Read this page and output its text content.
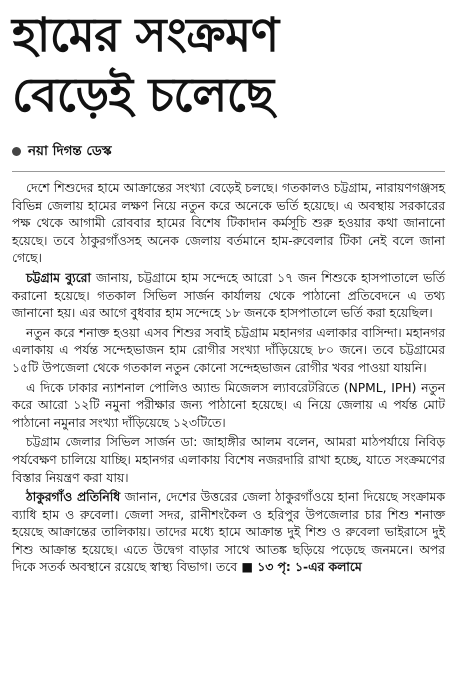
হামের সংক্রমণ
বেড়েই চলেছে
নয়া দিগন্ত ডেস্ক

দেশে শিশুদের হামে আক্রান্তের সংখ্যা বেড়েই চলছে। গতকালও চট্টগ্রাম, নারায়ণগঞ্জসহ বিভিন্ন জেলায় হামের লক্ষণ নিয়ে নতুন করে অনেকে ভর্তি হয়েছে। এ অবস্থায় সরকারের পক্ষ থেকে আগামী রোববার হামের বিশেষ টিকাদান কর্মসূচি শুরু হওয়ার কথা জানানো হয়েছে। তবে ঠাকুরগাঁওসহ অনেক জেলায় বর্তমানে হাম-রুবেলার টিকা নেই বলে জানা গেছে।

চট্টগ্রাম ব্যুরো জানায়, চট্টগ্রামে হাম সন্দেহে আরো ১৭ জন শিশুকে হাসপাতালে ভর্তি করানো হয়েছে। গতকাল সিভিল সার্জন কার্যালয় থেকে পাঠানো প্রতিবেদনে এ তথ্য জানানো হয়। এর আগে বুধবার হাম সন্দেহে ১৮ জনকে হাসপাতালে ভর্তি করা হয়েছিল।

নতুন করে শনাক্ত হওয়া এসব শিশুর সবাই চট্টগ্রাম মহানগর এলাকার বাসিন্দা। মহানগর এলাকায় এ পর্যন্ত সন্দেহভাজন হাম রোগীর সংখ্যা দাঁড়িয়েছে ৮০ জনে। তবে চট্টগ্রামের ১৫টি উপজেলা থেকে গতকাল নতুন কোনো সন্দেহভাজন রোগীর খবর পাওয়া যায়নি।

এ দিকে ঢাকার ন্যাশনাল পোলিও অ্যান্ড মিজেলস ল্যাবরেটরিতে (NPML, IPH) নতুন করে আরো ১২টি নমুনা পরীক্ষার জন্য পাঠানো হয়েছে। এ নিয়ে জেলায় এ পর্যন্ত মোট পাঠানো নমুনার সংখ্যা দাঁড়িয়েছে ১২৩টিতে।

চট্টগ্রাম জেলার সিভিল সার্জন ডা: জাহাঙ্গীর আলম বলেন, আমরা মাঠপর্যায়ে নিবিড় পর্যবেক্ষণ চালিয়ে যাচ্ছি। মহানগর এলাকায় বিশেষ নজরদারি রাখা হচ্ছে, যাতে সংক্রমণের বিস্তার নিয়ন্ত্রণ করা যায়।

ঠাকুরগাঁও প্রতিনিধি জানান, দেশের উত্তরের জেলা ঠাকুরগাঁওয়ে হানা দিয়েছে সংক্রামক ব্যাধি হাম ও রুবেলা। জেলা সদর, রানীশংকৈল ও হরিপুর উপজেলার চার শিশু শনাক্ত হয়েছে আক্রান্তের তালিকায়। তাদের মধ্যে হামে আক্রান্ত দুই শিশু ও রুবেলা ভাইরাসে দুই শিশু আক্রান্ত হয়েছে। এতে উদ্বেগ বাড়ার সাথে আতঙ্ক ছড়িয়ে পড়েছে জনমনে। অপর দিকে সতর্ক অবস্থানে রয়েছে স্বাস্থ্য বিভাগ। তবে ■ ১৩ পৃ: ১-এর কলামে
